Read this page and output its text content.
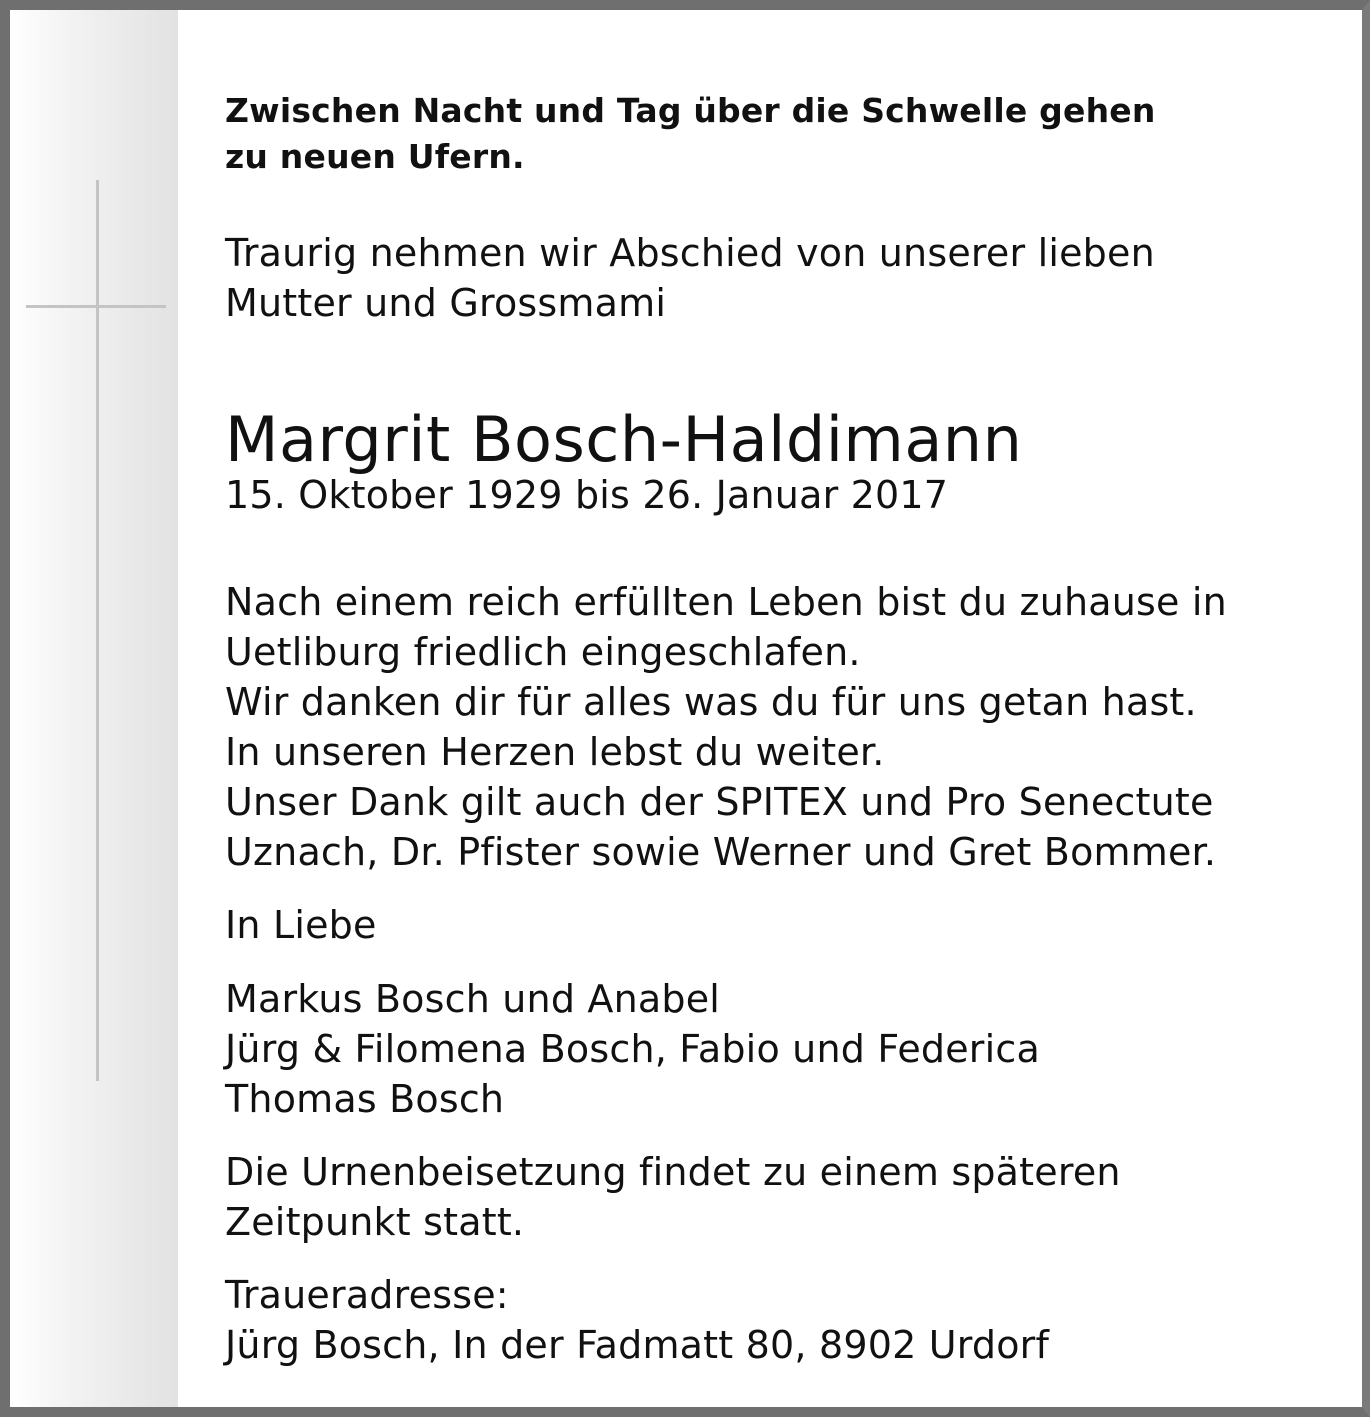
Zwischen Nacht und Tag über die Schwelle gehen
zu neuen Ufern.
Traurig nehmen wir Abschied von unserer lieben
Mutter und Grossmami
Margrit Bosch-Haldimann
15. Oktober 1929 bis 26. Januar 2017
Nach einem reich erfüllten Leben bist du zuhause in
Uetliburg friedlich eingeschlafen.
Wir danken dir für alles was du für uns getan hast.
In unseren Herzen lebst du weiter.
Unser Dank gilt auch der SPITEX und Pro Senectute
Uznach, Dr. Pfister sowie Werner und Gret Bommer.
In Liebe
Markus Bosch und Anabel
Jürg & Filomena Bosch, Fabio und Federica
Thomas Bosch
Die Urnenbeisetzung findet zu einem späteren
Zeitpunkt statt.
Traueradresse:
Jürg Bosch, In der Fadmatt 80, 8902 Urdorf
